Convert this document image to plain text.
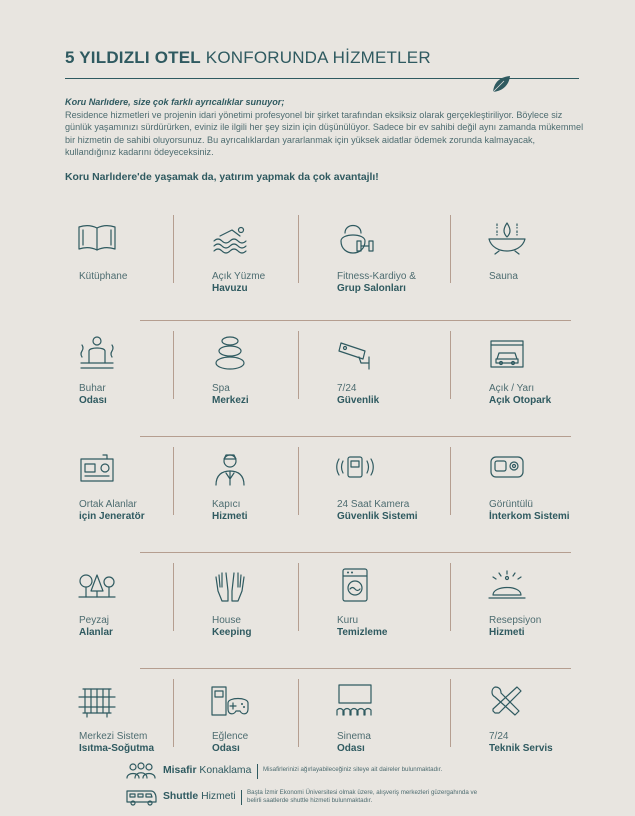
5 YILDIZLI OTEL KONFORUNDA HİZMETLER
Koru Narlıdere, size çok farklı ayrıcalıklar sunuyor;
Residence hizmetleri ve projenin idari yönetimi profesyonel bir şirket tarafından eksiksiz olarak gerçekleştiriliyor. Böylece siz günlük yaşamınızı sürdürürken, eviniz ile ilgili her şey sizin için düşünülüyor. Sadece bir ev sahibi değil aynı zamanda mükemmel bir hizmetin de sahibi oluyorsunuz. Bu ayrıcalıklardan yararlanmak için yüksek aidatlar ödemek zorunda kalmayacak, kullandığınız kadarını ödeyeceksiniz.
Koru Narlıdere'de yaşamak da, yatırım yapmak da çok avantajlı!
Kütüphane	Açık Yüzme
Havuzu
Fitness-Kardiyo &
Grup Salonları
Sauna
Buhar
Odası
Spa
Merkezi
7/24
Güvenlik
Açık / Yarı
Açık Otopark
Ortak Alanlar
için Jeneratör
Kapıcı
Hizmeti
24 Saat Kamera
Güvenlik Sistemi
Görüntülü
İnterkom Sistemi
Peyzaj
Alanlar
House
Keeping
Kuru
Temizleme
Resepsiyon
Hizmeti
Merkezi Sistem
Isıtma-Soğutma
Eğlence
Odası
Sinema
Odası
7/24
Teknik Servis
Misafir Konaklama Misafirlerinizi ağırlayabileceğiniz siteye ait daireler bulunmaktadır.
Shuttle Hizmeti Başta İzmir Ekonomi Üniversitesi olmak üzere, alışveriş merkezleri güzergahında ve
belirli saatlerde shuttle hizmeti bulunmaktadır.
